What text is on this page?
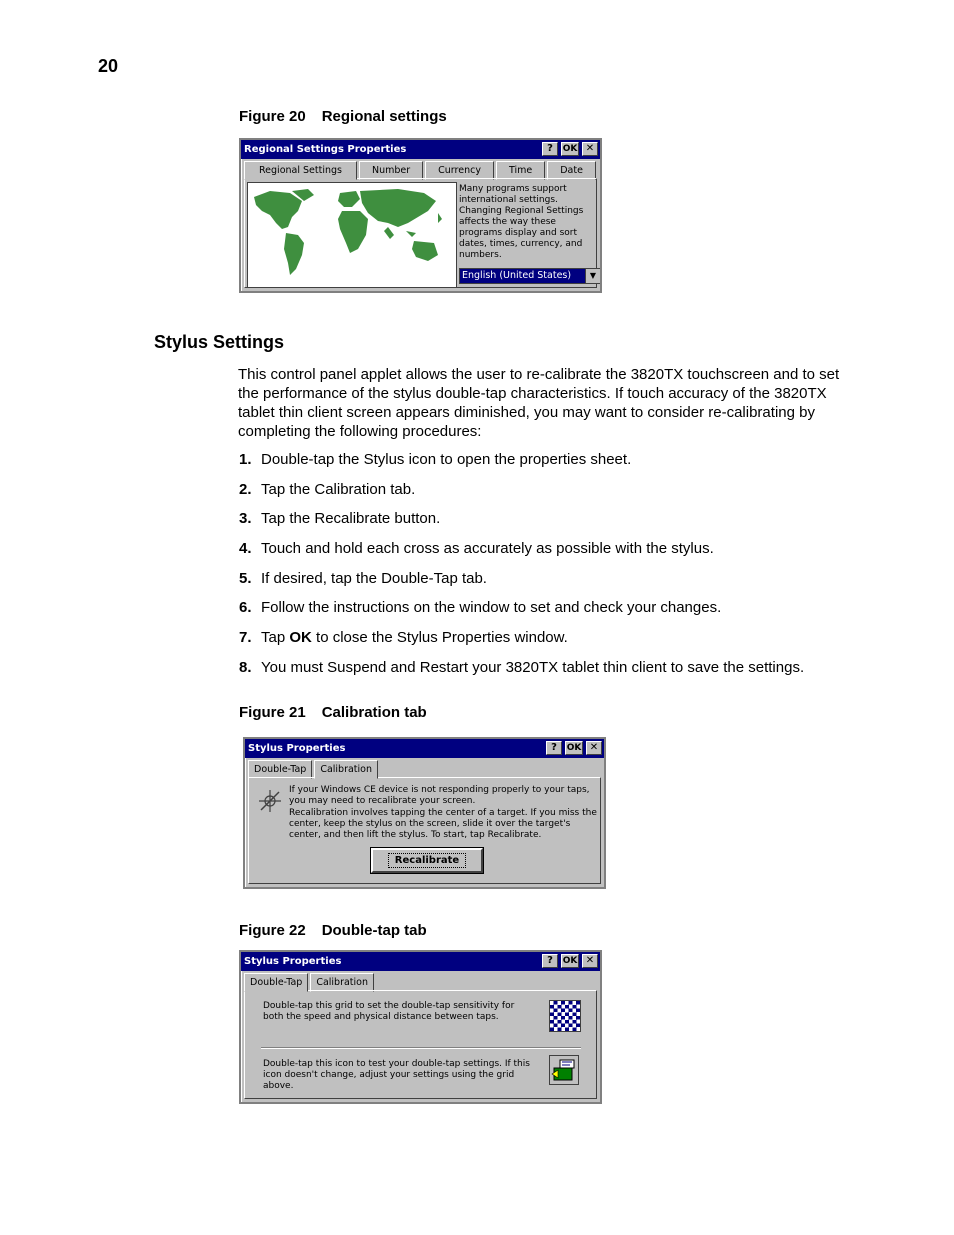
20
Figure 20 Regional settings
Regional Settings Properties	?	OK ✕
Regional Settings	Number	Currency	Time	Date
Many programs support international settings. Changing Regional Settings affects the way these programs display and sort dates, times, currency, and numbers.
English (United States)	▼
Stylus Settings
This control panel applet allows the user to re-calibrate the 3820TX touchscreen and to set the performance of the stylus double-tap characteristics. If touch accuracy of the 3820TX tablet thin client screen appears diminished, you may want to consider re-calibrating by completing the following procedures:
1. Double-tap the Stylus icon to open the properties sheet.
2. Tap the Calibration tab.
3. Tap the Recalibrate button.
4. Touch and hold each cross as accurately as possible with the stylus.
5. If desired, tap the Double-Tap tab.
6. Follow the instructions on the window to set and check your changes.
7. Tap OK to close the Stylus Properties window.
8. You must Suspend and Restart your 3820TX tablet thin client to save the settings.
Figure 21 Calibration tab
Stylus Properties	?	OK ✕
Double-Tap	Calibration
If your Windows CE device is not responding properly to your taps, you may need to recalibrate your screen.
Recalibration involves tapping the center of a target. If you miss the center, keep the stylus on the screen, slide it over the target's center, and then lift the stylus. To start, tap Recalibrate.
Recalibrate
Figure 22 Double-tap tab
Stylus Properties	?	OK ✕
Double-Tap	Calibration
Double-tap this grid to set the double-tap sensitivity for both the speed and physical distance between taps.
Double-tap this icon to test your double-tap settings. If this icon doesn't change, adjust your settings using the grid above.
